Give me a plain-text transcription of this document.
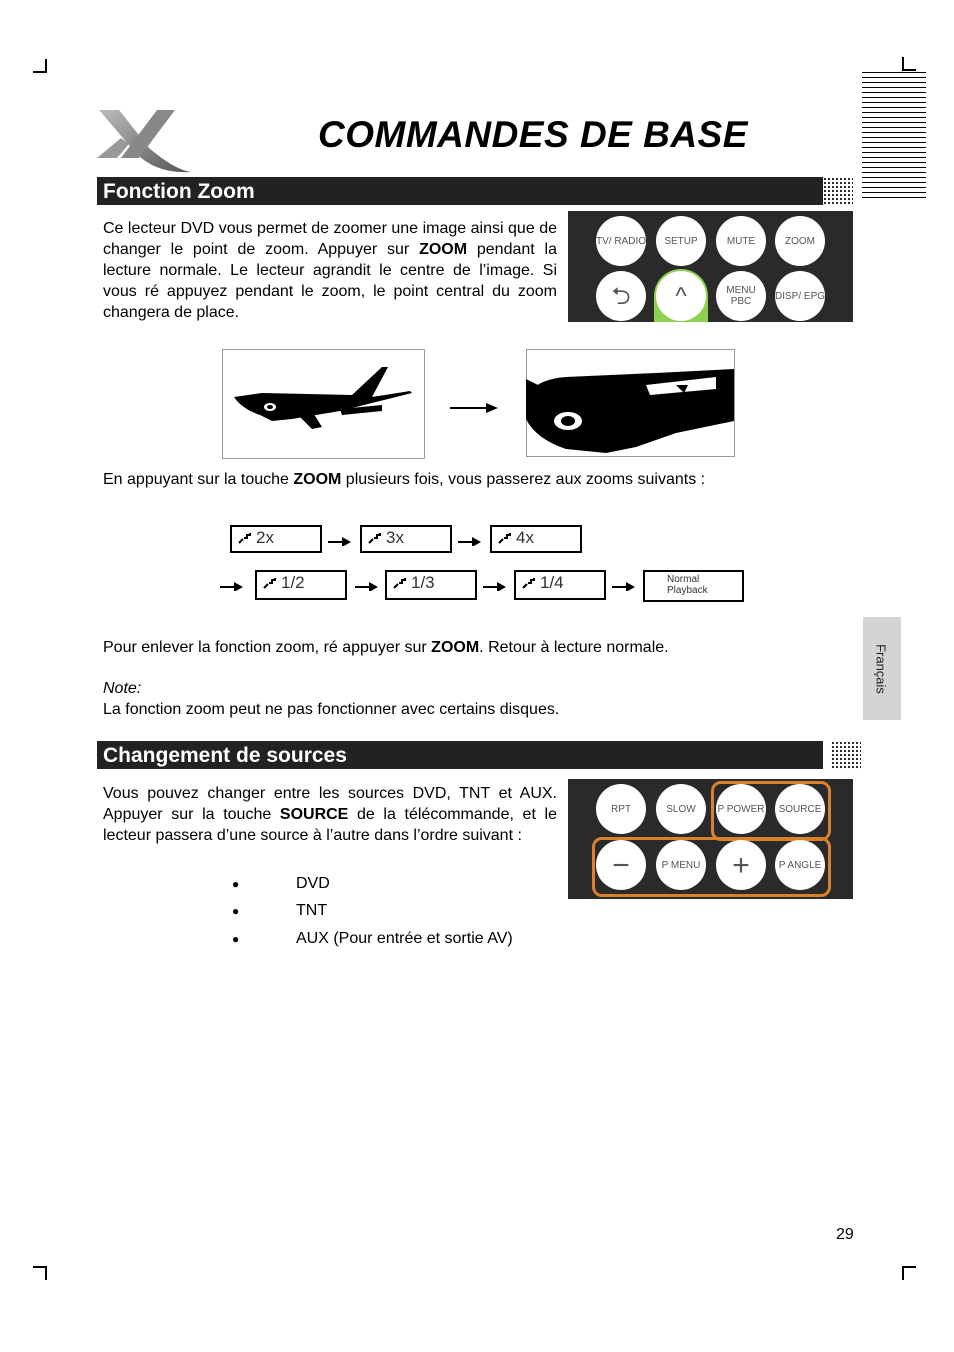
COMMANDES DE BASE
Fonction Zoom
Ce lecteur DVD vous permet de zoomer une image ainsi que de changer le point de zoom. Appuyer sur ZOOM pendant la lecture normale. Le lecteur agrandit le centre de l’image. Si vous ré appuyez pendant le zoom, le point central du zoom changera de place.
TV/ RADIO	SETUP	MUTE	ZOOM
⮌	^	MENU PBC	DISP/ EPG
En appuyant sur la touche ZOOM plusieurs fois, vous passerez aux zooms suivants :
2x	3x	4x
1/2	1/3	1/4	Normal
Playback
Pour enlever la fonction zoom, ré appuyer sur ZOOM. Retour à lecture normale.
Note:
La fonction zoom peut ne pas fonctionner avec certains disques.
Français
Changement de sources
Vous pouvez changer entre les sources DVD, TNT et AUX. Appuyer sur la touche SOURCE de la télécommande, et le lecteur passera d’une source à l’autre dans l’ordre suivant :
RPT	SLOW	P POWER	SOURCE
−	P MENU	+	P ANGLE
●	DVD
●	TNT
●	AUX (Pour entrée et sortie AV)
29
